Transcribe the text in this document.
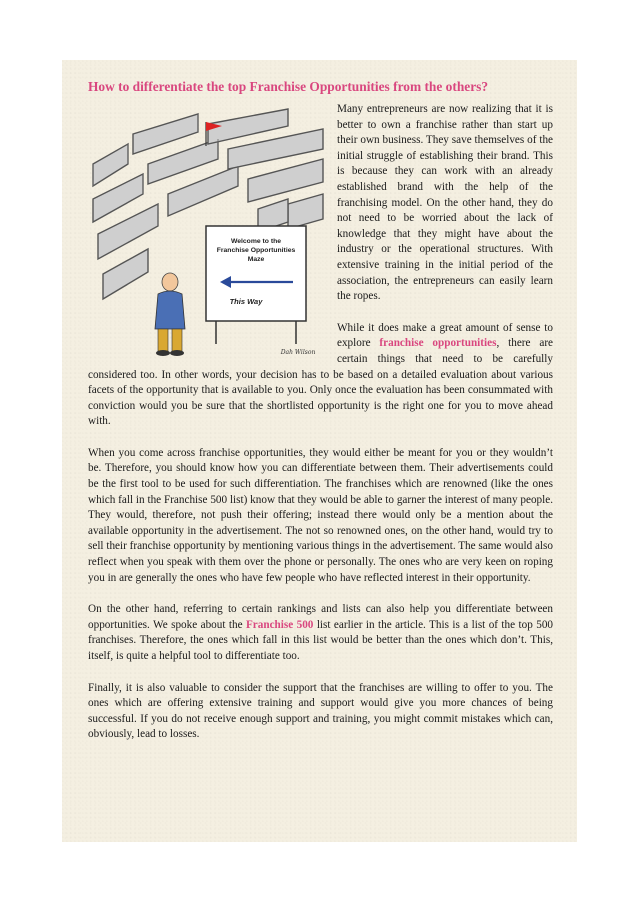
How to differentiate the top Franchise Opportunities from the others?
Welcome to the
Franchise Opportunities
Maze
This Way
Dah Wilson

Many entrepreneurs are now realizing that it is better to own a franchise rather than start up their own business. They save themselves of the initial struggle of establishing their brand. This is because they can work with an already established brand with the help of the franchising model. On the other hand, they do not need to be worried about the lack of knowledge that they might have about the industry or the operational structures. With extensive training in the initial period of the association, the entrepreneurs can easily learn the ropes.

While it does make a great amount of sense to explore franchise opportunities, there are certain things that need to be carefully considered too. In other words, your decision has to be based on a detailed evaluation about various facets of the opportunity that is available to you. Only once the evaluation has been consummated with conviction would you be sure that the shortlisted opportunity is the right one for you to move ahead with.

When you come across franchise opportunities, they would either be meant for you or they wouldn’t be. Therefore, you should know how you can differentiate between them. Their advertisements could be the first tool to be used for such differentiation. The franchises which are renowned (like the ones which fall in the Franchise 500 list) know that they would be able to garner the interest of many people. They would, therefore, not push their offering; instead there would only be a mention about the available opportunity in the advertisement. The not so renowned ones, on the other hand, would try to sell their franchise opportunity by mentioning various things in the advertisement. The same would also reflect when you speak with them over the phone or personally. The ones who are very keen on roping you in are generally the ones who have few people who have reflected interest in their opportunity.

On the other hand, referring to certain rankings and lists can also help you differentiate between opportunities. We spoke about the Franchise 500 list earlier in the article. This is a list of the top 500 franchises. Therefore, the ones which fall in this list would be better than the ones which don’t. This, itself, is quite a helpful tool to differentiate too.

Finally, it is also valuable to consider the support that the franchises are willing to offer to you. The ones which are offering extensive training and support would give you more chances of being successful. If you do not receive enough support and training, you might commit mistakes which can, obviously, lead to losses.
